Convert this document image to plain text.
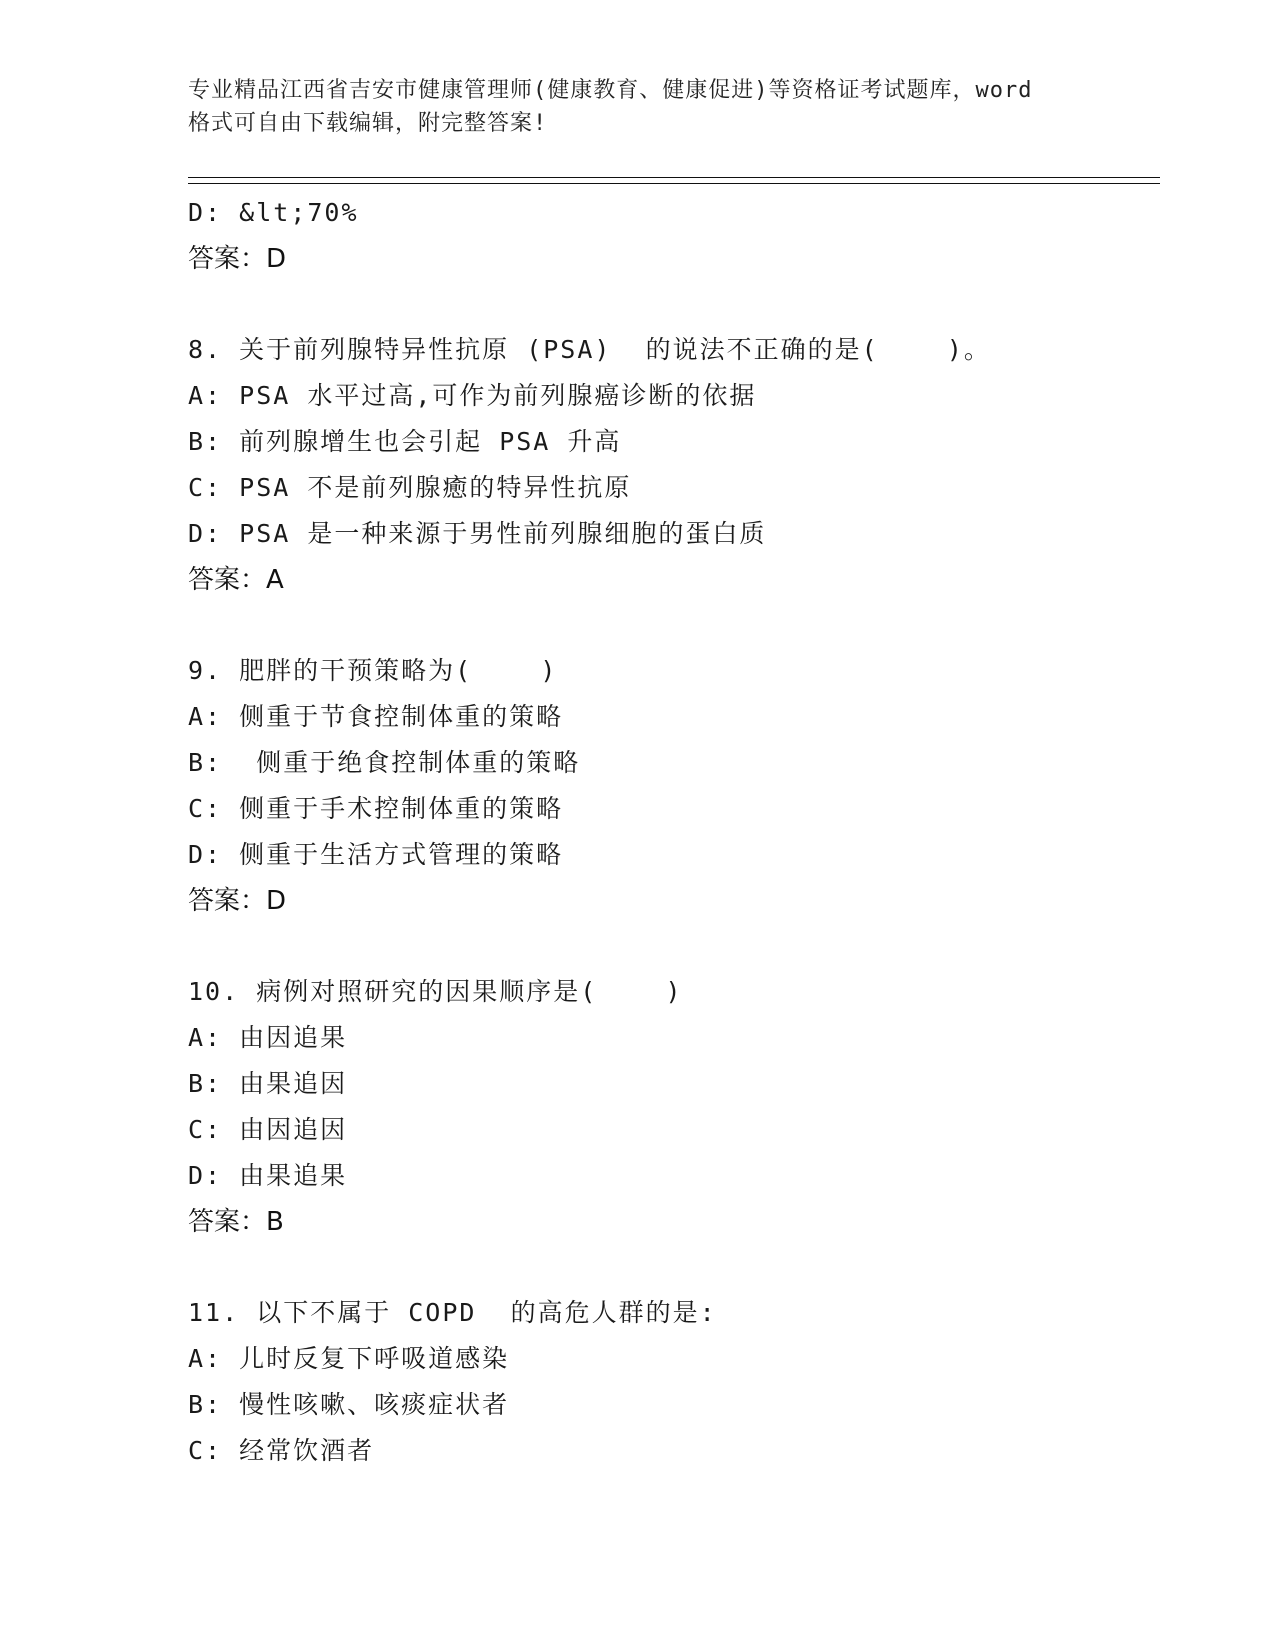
专业精品江西省吉安市健康管理师(健康教育、健康促进)等资格证考试题库，word
格式可自由下载编辑，附完整答案!
D: &lt;70%
答案：D
8. 关于前列腺特异性抗原 (PSA)  的说法不正确的是(    )。
A: PSA 水平过高,可作为前列腺癌诊断的依据
B: 前列腺增生也会引起 PSA 升高
C: PSA 不是前列腺癒的特异性抗原
D: PSA 是一种来源于男性前列腺细胞的蛋白质
答案：A
9. 肥胖的干预策略为(    )
A: 侧重于节食控制体重的策略
B:  侧重于绝食控制体重的策略
C: 侧重于手术控制体重的策略
D: 侧重于生活方式管理的策略
答案：D
10. 病例对照研究的因果顺序是(    )
A: 由因追果
B: 由果追因
C: 由因追因
D: 由果追果
答案：B
11. 以下不属于 COPD  的高危人群的是:
A: 儿时反复下呼吸道感染
B: 慢性咳嗽、咳痰症状者
C: 经常饮酒者
